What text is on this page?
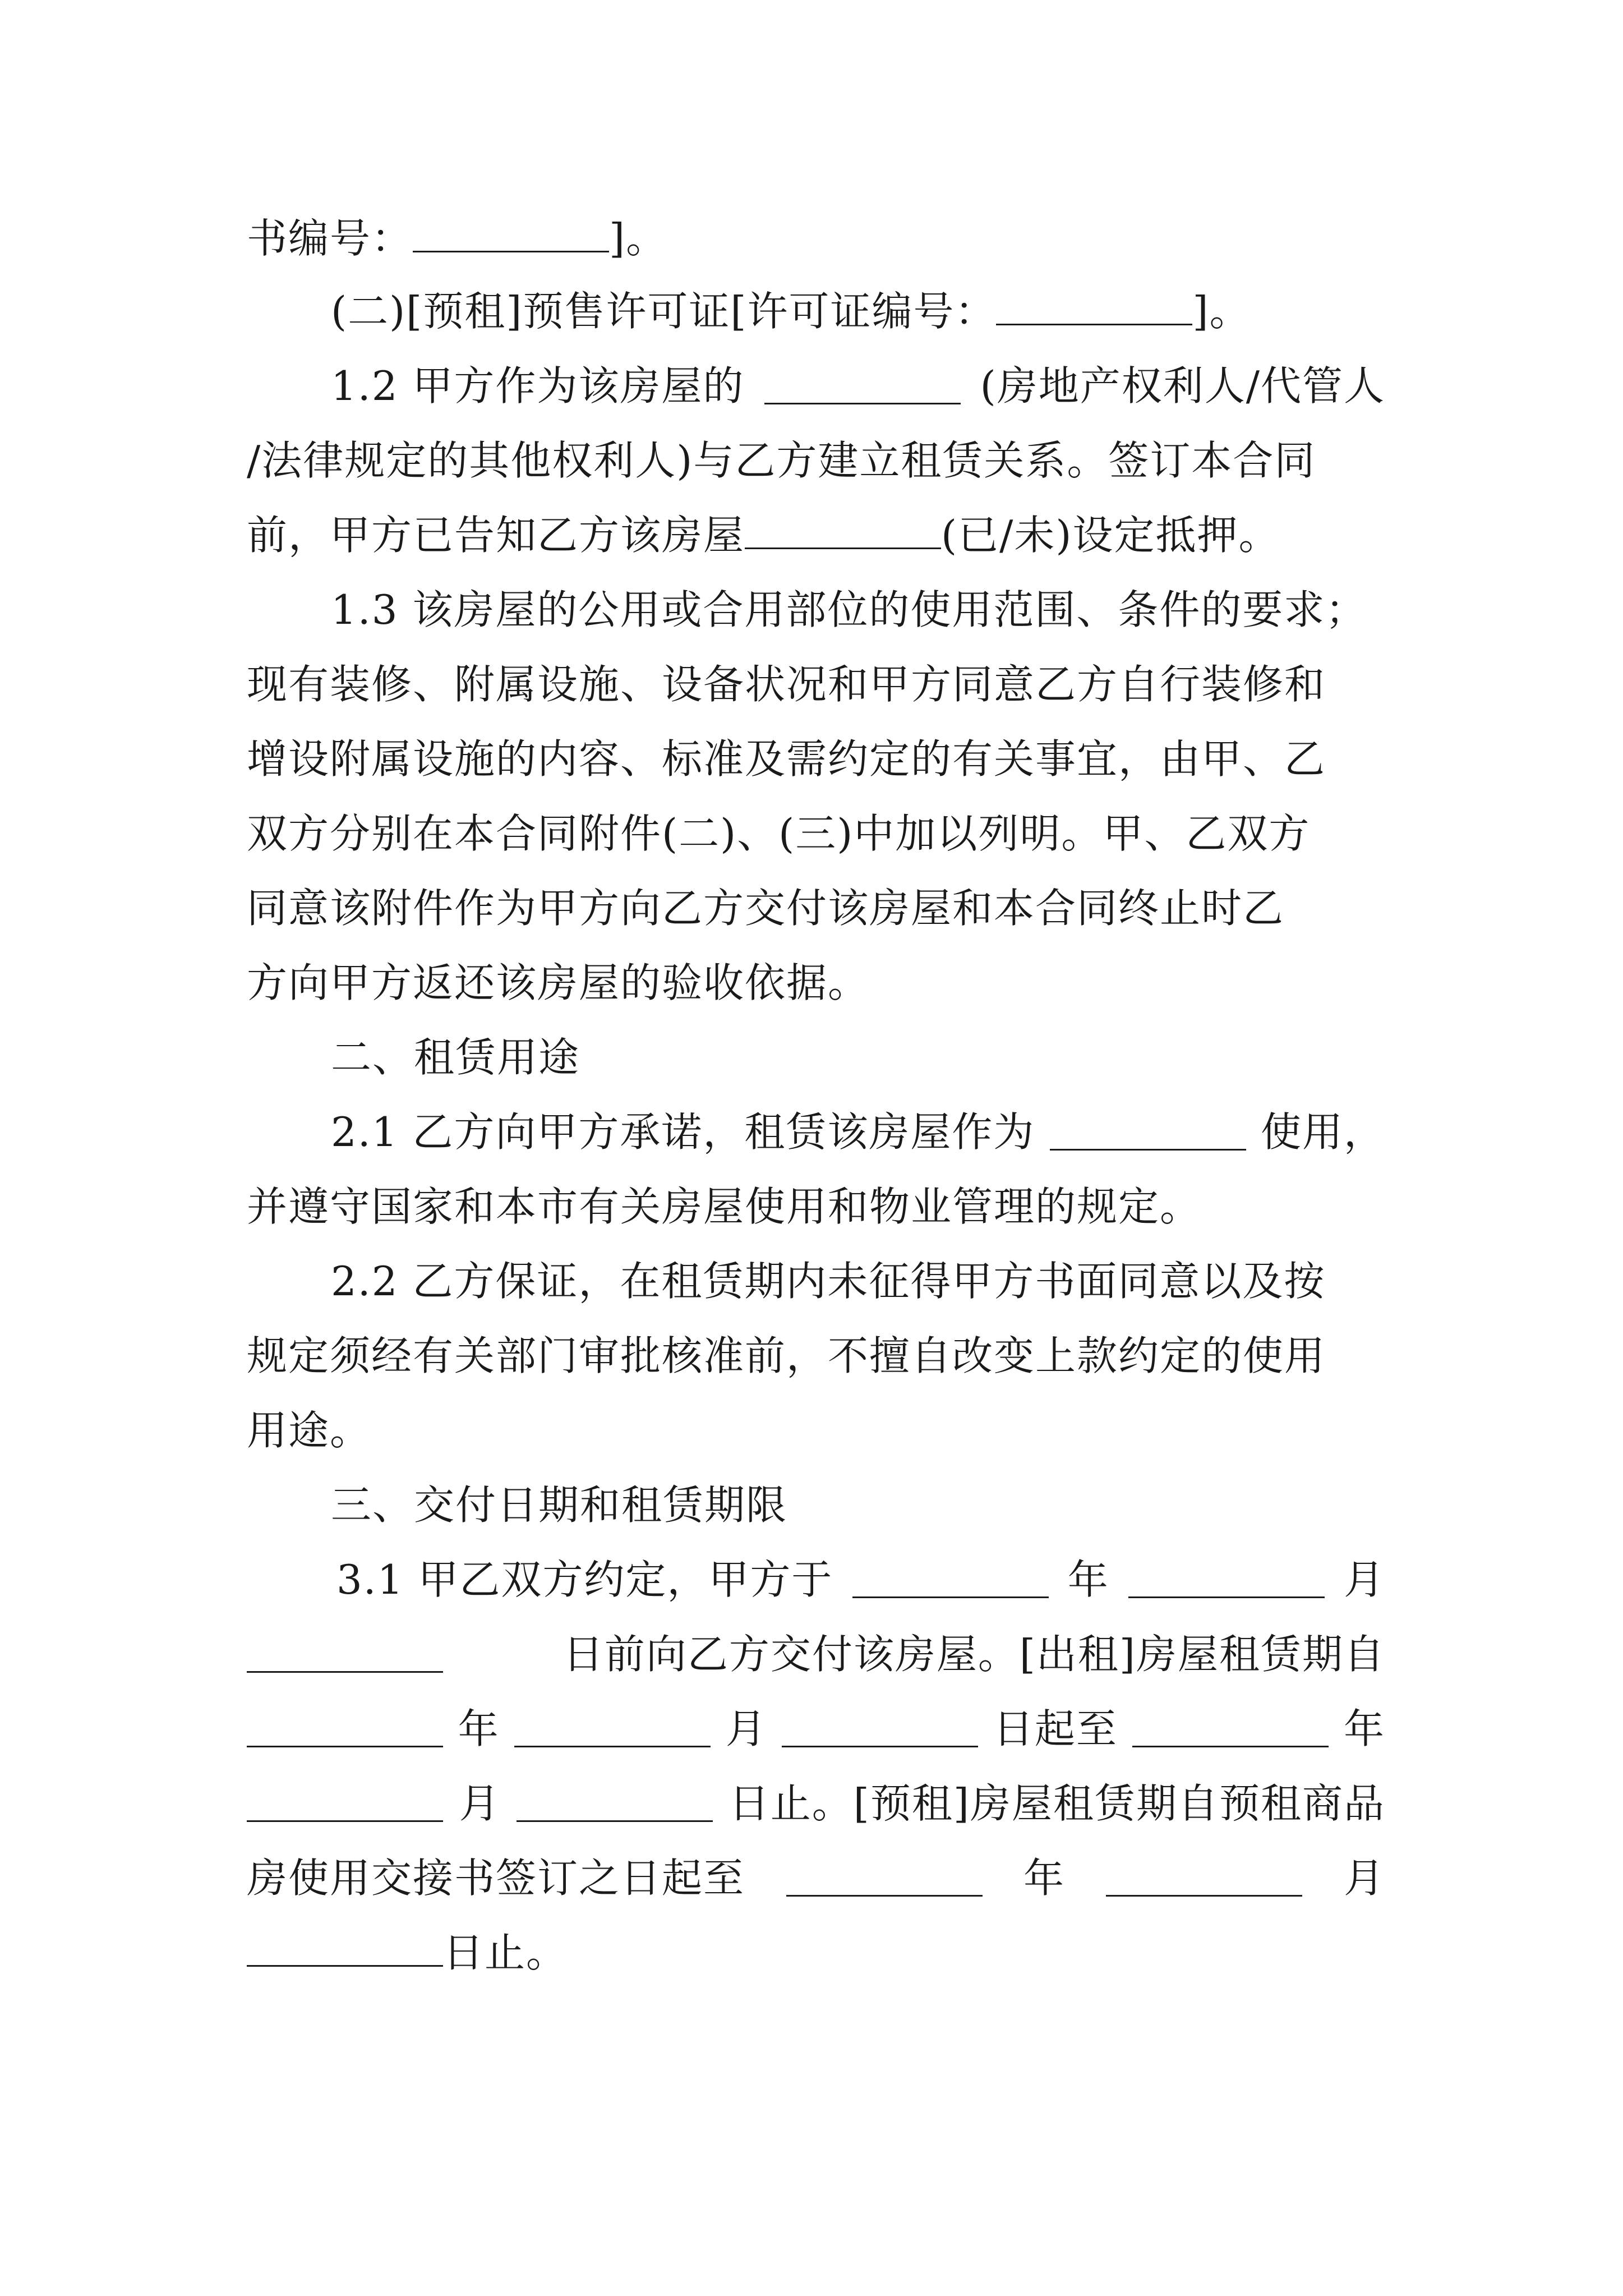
书编号：	]。
(二)[预租]预售许可证[许可证编号：	]。
1.2 甲方作为该房屋的	(房地产权利人/代管人
/法律规定的其他权利人)与乙方建立租赁关系。签订本合同
前，甲方已告知乙方该房屋	(已/未)设定抵押。
1.3 该房屋的公用或合用部位的使用范围、条件的要求；
现有装修、附属设施、设备状况和甲方同意乙方自行装修和
增设附属设施的内容、标准及需约定的有关事宜，由甲、乙
双方分别在本合同附件(二)、(三)中加以列明。甲、乙双方
同意该附件作为甲方向乙方交付该房屋和本合同终止时乙
方向甲方返还该房屋的验收依据。
二、租赁用途
2.1 乙方向甲方承诺，租赁该房屋作为	使用，
并遵守国家和本市有关房屋使用和物业管理的规定。
2.2 乙方保证，在租赁期内未征得甲方书面同意以及按
规定须经有关部门审批核准前，不擅自改变上款约定的使用
用途。
三、交付日期和租赁期限
3.1 甲乙双方约定，甲方于	年	月
日前向乙方交付该房屋。[出租]房屋租赁期自
年	月	日起至	年
月	日止。[预租]房屋租赁期自预租商品
房使用交接书签订之日起至	年	月
日止。
